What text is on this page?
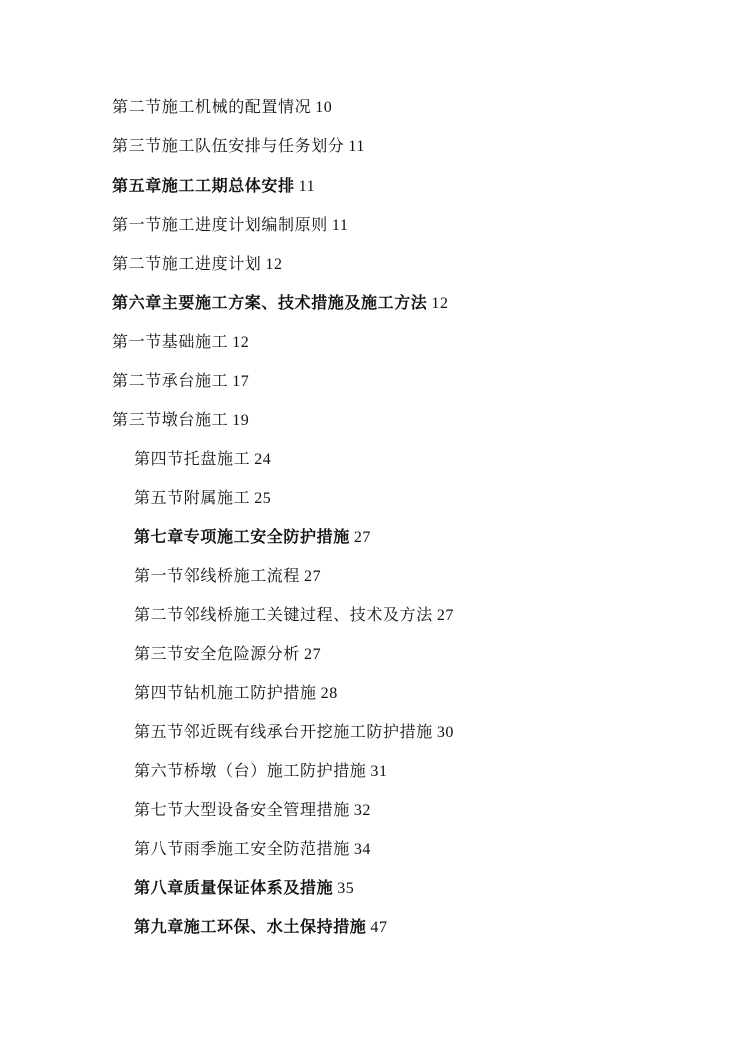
第二节施工机械的配置情况 10
第三节施工队伍安排与任务划分 11
第五章施工工期总体安排 11
第一节施工进度计划编制原则 11
第二节施工进度计划 12
第六章主要施工方案、技术措施及施工方法 12
第一节基础施工 12
第二节承台施工 17
第三节墩台施工 19
第四节托盘施工 24
第五节附属施工 25
第七章专项施工安全防护措施 27
第一节邻线桥施工流程 27
第二节邻线桥施工关键过程、技术及方法 27
第三节安全危险源分析 27
第四节钻机施工防护措施 28
第五节邻近既有线承台开挖施工防护措施 30
第六节桥墩（台）施工防护措施 31
第七节大型设备安全管理措施 32
第八节雨季施工安全防范措施 34
第八章质量保证体系及措施 35
第九章施工环保、水土保持措施 47
